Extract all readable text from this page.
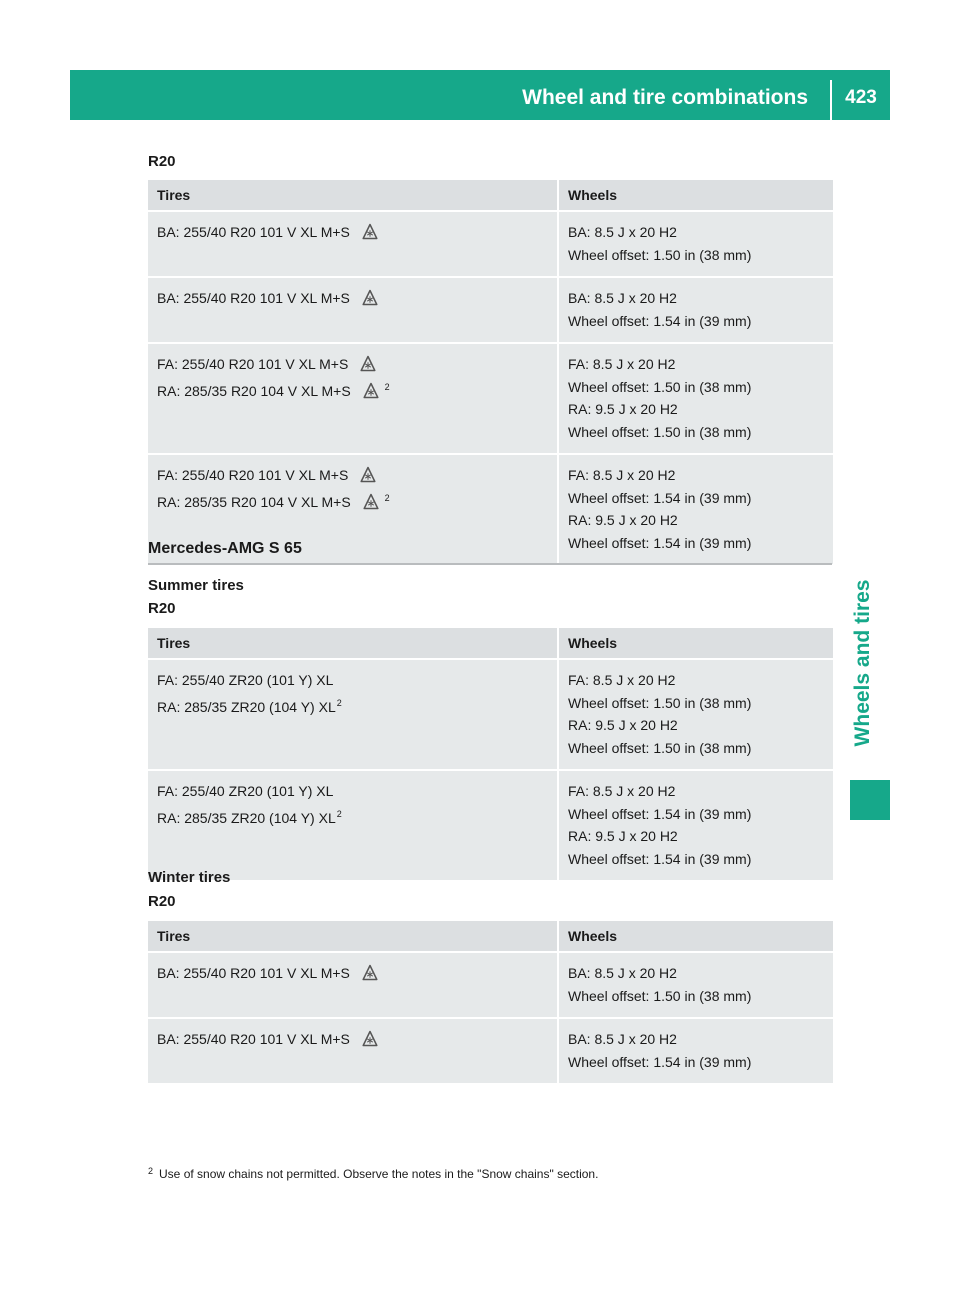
Wheel and tire combinations	423
Wheels and tires
R20
Tires	Wheels

BA: 255/40 R20 101 V XL M+S	BA: 8.5 J x 20 H2
Wheel offset: 1.50 in (38 mm)

BA: 255/40 R20 101 V XL M+S	BA: 8.5 J x 20 H2
Wheel offset: 1.54 in (39 mm)

FA: 255/40 R20 101 V XL M+S
RA: 285/35 R20 104 V XL M+S $^2$	FA: 8.5 J x 20 H2
Wheel offset: 1.50 in (38 mm)
RA: 9.5 J x 20 H2
Wheel offset: 1.50 in (38 mm)

FA: 255/40 R20 101 V XL M+S
RA: 285/35 R20 104 V XL M+S $^2$	FA: 8.5 J x 20 H2
Wheel offset: 1.54 in (39 mm)
RA: 9.5 J x 20 H2
Wheel offset: 1.54 in (39 mm)
Mercedes-AMG S 65
Summer tires
R20
Tires	Wheels

FA: 255/40 ZR20 (101 Y) XL
RA: 285/35 ZR20 (104 Y) $XL^2$	FA: 8.5 J x 20 H2
Wheel offset: 1.50 in (38 mm)
RA: 9.5 J x 20 H2
Wheel offset: 1.50 in (38 mm)

FA: 255/40 ZR20 (101 Y) XL
RA: 285/35 ZR20 (104 Y) $XL^2$	FA: 8.5 J x 20 H2
Wheel offset: 1.54 in (39 mm)
RA: 9.5 J x 20 H2
Wheel offset: 1.54 in (39 mm)
Winter tires
R20
Tires	Wheels

BA: 255/40 R20 101 V XL M+S	BA: 8.5 J x 20 H2
Wheel offset: 1.50 in (38 mm)

BA: 255/40 R20 101 V XL M+S	BA: 8.5 J x 20 H2
Wheel offset: 1.54 in (39 mm)
$^2$ Use of snow chains not permitted. Observe the notes in the "Snow chains" section.
